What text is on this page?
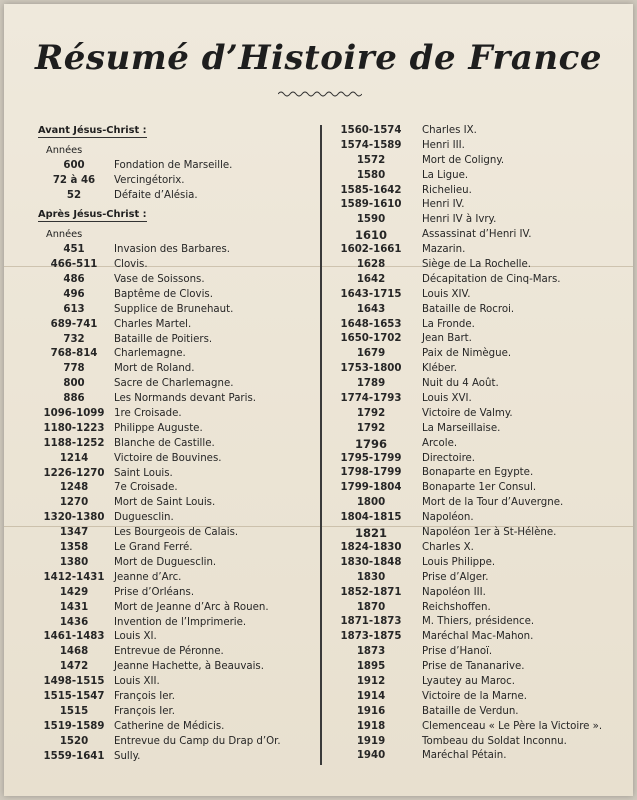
Résumé d’Histoire de France
Avant Jésus-Christ :
Années
600	Fondation de Marseille.
72 à 46	Vercingétorix.
52	Défaite d’Alésia.
Après Jésus-Christ :
Années
451	Invasion des Barbares.
466-511	Clovis.
486	Vase de Soissons.
496	Baptême de Clovis.
613	Supplice de Brunehaut.
689-741	Charles Martel.
732	Bataille de Poitiers.
768-814	Charlemagne.
778	Mort de Roland.
800	Sacre de Charlemagne.
886	Les Normands devant Paris.
1096-1099 1re Croisade.
1180-1223 Philippe Auguste.
1188-1252 Blanche de Castille.
1214	Victoire de Bouvines.
1226-1270 Saint Louis.
1248	7e Croisade.
1270	Mort de Saint Louis.
1320-1380 Duguesclin.
1347	Les Bourgeois de Calais.
1358	Le Grand Ferré.
1380	Mort de Duguesclin.
1412-1431 Jeanne d’Arc.
1429	Prise d’Orléans.
1431	Mort de Jeanne d’Arc à Rouen.
1436	Invention de l’Imprimerie.
1461-1483 Louis XI.
1468	Entrevue de Péronne.
1472	Jeanne Hachette, à Beauvais.
1498-1515 Louis XII.
1515-1547 François Ier.
1515	François Ier.
1519-1589 Catherine de Médicis.
1520	Entrevue du Camp du Drap d’Or.
1559-1641 Sully.
1560-1574	Charles IX.
1574-1589	Henri III.
1572	Mort de Coligny.
1580	La Ligue.
1585-1642	Richelieu.
1589-1610	Henri IV.
1590	Henri IV à Ivry.
1610	Assassinat d’Henri IV.
1602-1661	Mazarin.
1628	Siège de La Rochelle.
1642	Décapitation de Cinq-Mars.
1643-1715	Louis XIV.
1643	Bataille de Rocroi.
1648-1653	La Fronde.
1650-1702	Jean Bart.
1679	Paix de Nimègue.
1753-1800	Kléber.
1789	Nuit du 4 Août.
1774-1793	Louis XVI.
1792	Victoire de Valmy.
1792	La Marseillaise.
1796	Arcole.
1795-1799	Directoire.
1798-1799	Bonaparte en Egypte.
1799-1804	Bonaparte 1er Consul.
1800	Mort de la Tour d’Auvergne.
1804-1815	Napoléon.
1821	Napoléon 1er à St-Hélène.
1824-1830	Charles X.
1830-1848	Louis Philippe.
1830	Prise d’Alger.
1852-1871	Napoléon III.
1870	Reichshoffen.
1871-1873	M. Thiers, présidence.
1873-1875	Maréchal Mac-Mahon.
1873	Prise d’Hanoï.
1895	Prise de Tananarive.
1912	Lyautey au Maroc.
1914	Victoire de la Marne.
1916	Bataille de Verdun.
1918	Clemenceau « Le Père la Victoire ».
1919	Tombeau du Soldat Inconnu.
1940	Maréchal Pétain.
